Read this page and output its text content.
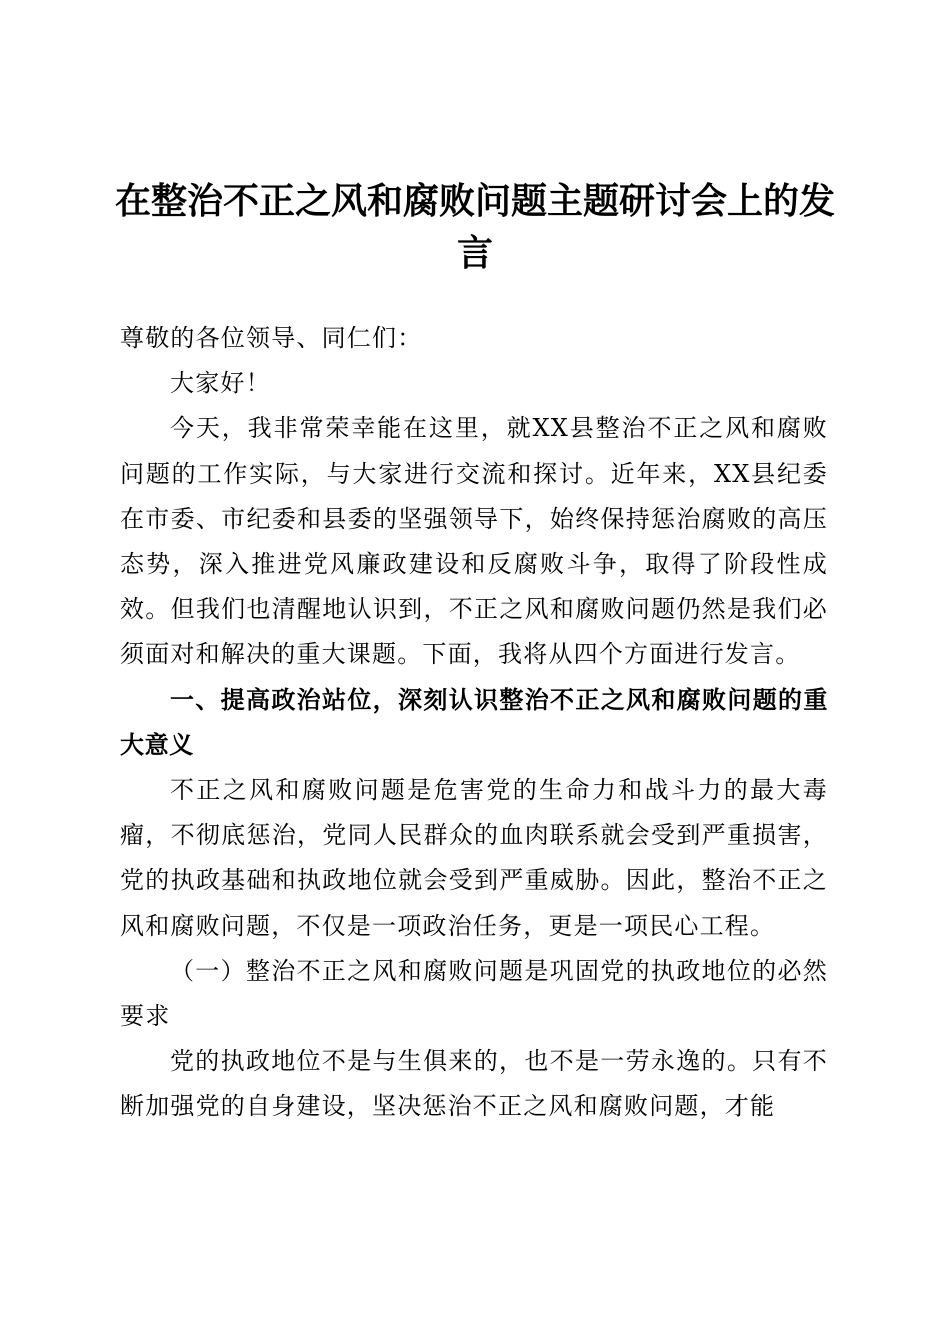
在整治不正之风和腐败问题主题研讨会上的发言

尊敬的各位领导、同仁们：

大家好！

今天，我非常荣幸能在这里，就XX县整治不正之风和腐败问题的工作实际，与大家进行交流和探讨。近年来，XX县纪委在市委、市纪委和县委的坚强领导下，始终保持惩治腐败的高压态势，深入推进党风廉政建设和反腐败斗争，取得了阶段性成效。但我们也清醒地认识到，不正之风和腐败问题仍然是我们必须面对和解决的重大课题。下面，我将从四个方面进行发言。

一、提高政治站位，深刻认识整治不正之风和腐败问题的重大意义

不正之风和腐败问题是危害党的生命力和战斗力的最大毒瘤，不彻底惩治，党同人民群众的血肉联系就会受到严重损害，党的执政基础和执政地位就会受到严重威胁。因此，整治不正之风和腐败问题，不仅是一项政治任务，更是一项民心工程。

（一）整治不正之风和腐败问题是巩固党的执政地位的必然要求

党的执政地位不是与生俱来的，也不是一劳永逸的。只有不断加强党的自身建设，坚决惩治不正之风和腐败问题，才能
